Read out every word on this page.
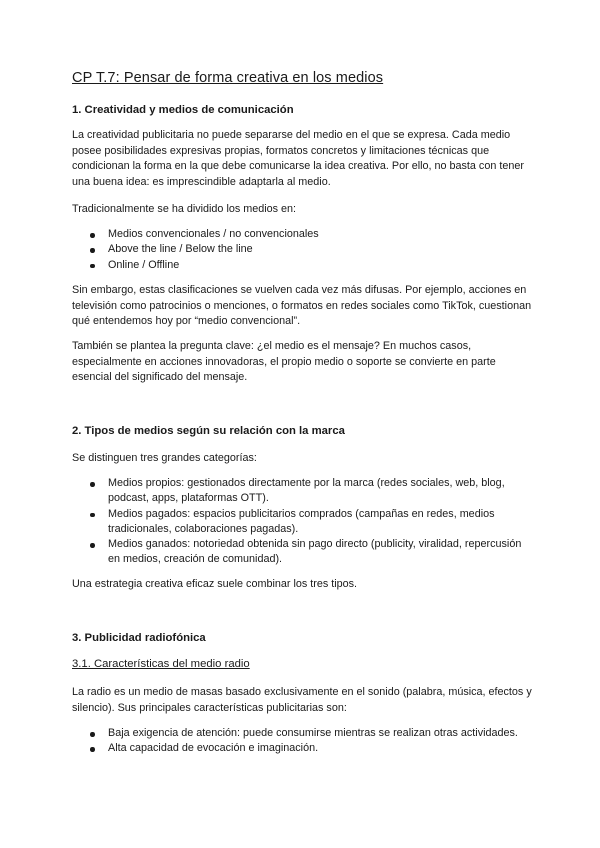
CP T.7: Pensar de forma creativa en los medios
1. Creatividad y medios de comunicación

La creatividad publicitaria no puede separarse del medio en el que se expresa. Cada medio posee posibilidades expresivas propias, formatos concretos y limitaciones técnicas que condicionan la forma en la que debe comunicarse la idea creativa. Por ello, no basta con tener una buena idea: es imprescindible adaptarla al medio.

Tradicionalmente se ha dividido los medios en:

Medios convencionales / no convencionales
Above the line / Below the line
Online / Offline

Sin embargo, estas clasificaciones se vuelven cada vez más difusas. Por ejemplo, acciones en televisión como patrocinios o menciones, o formatos en redes sociales como TikTok, cuestionan qué entendemos hoy por “medio convencional”.

También se plantea la pregunta clave: ¿el medio es el mensaje? En muchos casos, especialmente en acciones innovadoras, el propio medio o soporte se convierte en parte esencial del significado del mensaje.

2. Tipos de medios según su relación con la marca

Se distinguen tres grandes categorías:

Medios propios: gestionados directamente por la marca (redes sociales, web, blog, podcast, apps, plataformas OTT).
Medios pagados: espacios publicitarios comprados (campañas en redes, medios tradicionales, colaboraciones pagadas).
Medios ganados: notoriedad obtenida sin pago directo (publicity, viralidad, repercusión en medios, creación de comunidad).

Una estrategia creativa eficaz suele combinar los tres tipos.

3. Publicidad radiofónica
3.1. Características del medio radio

La radio es un medio de masas basado exclusivamente en el sonido (palabra, música, efectos y silencio). Sus principales características publicitarias son:

Baja exigencia de atención: puede consumirse mientras se realizan otras actividades.
Alta capacidad de evocación e imaginación.
